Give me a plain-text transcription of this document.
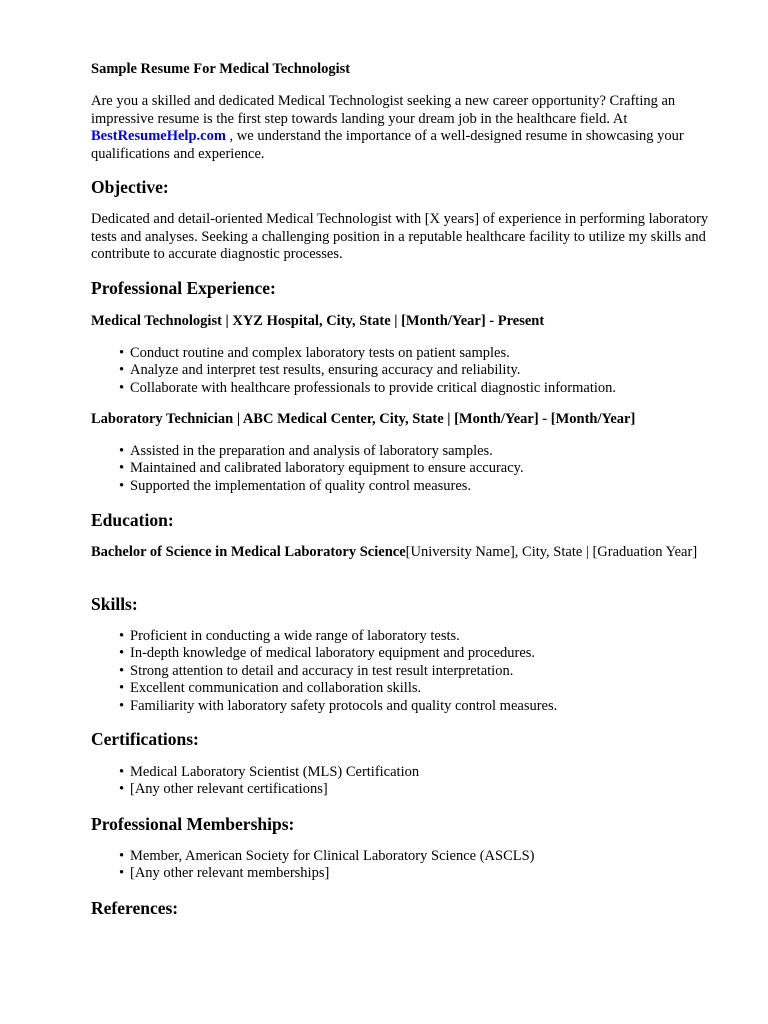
Sample Resume For Medical Technologist

Are you a skilled and dedicated Medical Technologist seeking a new career opportunity? Crafting an impressive resume is the first step towards landing your dream job in the healthcare field. At
BestResumeHelp.com , we understand the importance of a well-designed resume in showcasing your qualifications and experience.

Objective:

Dedicated and detail-oriented Medical Technologist with [X years] of experience in performing laboratory tests and analyses. Seeking a challenging position in a reputable healthcare facility to utilize my skills and contribute to accurate diagnostic processes.

Professional Experience:

Medical Technologist | XYZ Hospital, City, State | [Month/Year] - Present

• Conduct routine and complex laboratory tests on patient samples.
• Analyze and interpret test results, ensuring accuracy and reliability.
• Collaborate with healthcare professionals to provide critical diagnostic information.

Laboratory Technician | ABC Medical Center, City, State | [Month/Year] - [Month/Year]

• Assisted in the preparation and analysis of laboratory samples.
• Maintained and calibrated laboratory equipment to ensure accuracy.
• Supported the implementation of quality control measures.

Education:

Bachelor of Science in Medical Laboratory Science[University Name], City, State | [Graduation Year]

Skills:

• Proficient in conducting a wide range of laboratory tests.
• In-depth knowledge of medical laboratory equipment and procedures.
• Strong attention to detail and accuracy in test result interpretation.
• Excellent communication and collaboration skills.
• Familiarity with laboratory safety protocols and quality control measures.

Certifications:

• Medical Laboratory Scientist (MLS) Certification
• [Any other relevant certifications]

Professional Memberships:

• Member, American Society for Clinical Laboratory Science (ASCLS)
• [Any other relevant memberships]

References:
